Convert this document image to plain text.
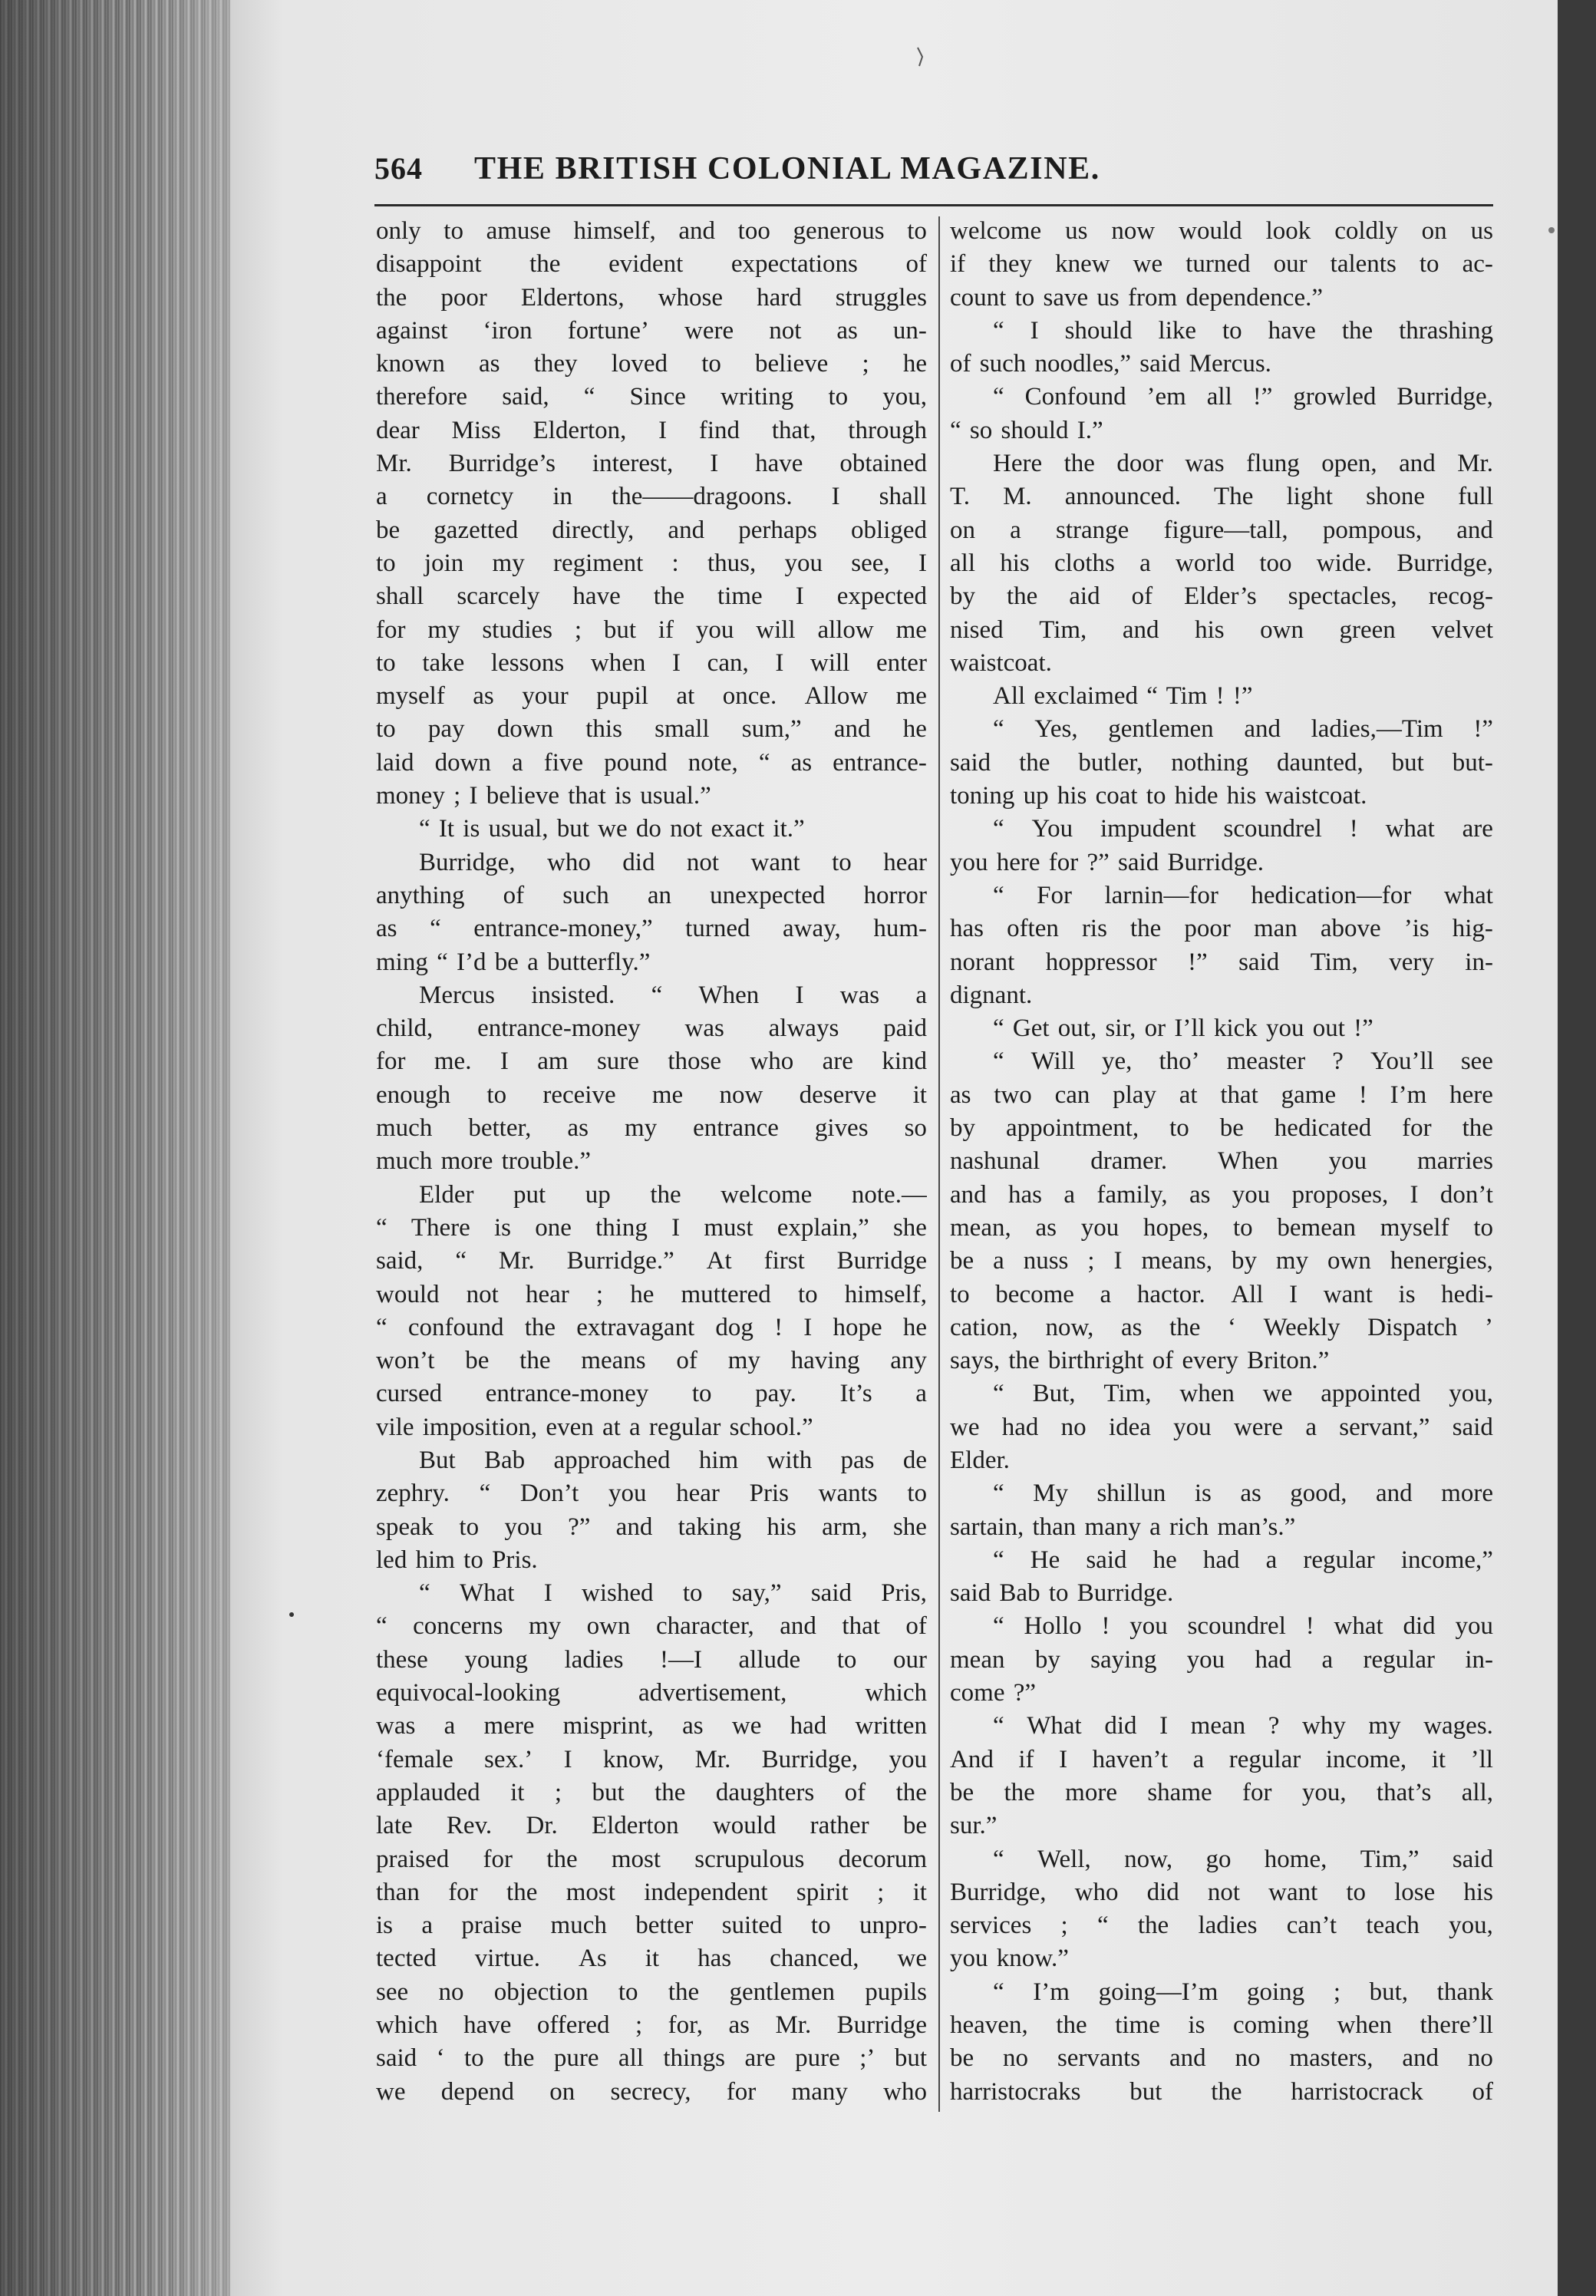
564 THE BRITISH COLONIAL MAGAZINE.
only to amuse himself, and too generous to
disappoint the evident expectations of
the poor Eldertons, whose hard struggles
against ‘iron fortune’ were not as un-
known as they loved to believe ; he
therefore said, “ Since writing to you,
dear Miss Elderton, I find that, through
Mr. Burridge’s interest, I have obtained
a cornetcy in the——dragoons. I shall
be gazetted directly, and perhaps obliged
to join my regiment : thus, you see, I
shall scarcely have the time I expected
for my studies ; but if you will allow me
to take lessons when I can, I will enter
myself as your pupil at once. Allow me
to pay down this small sum,” and he
laid down a five pound note, “ as entrance-
money ; I believe that is usual.”
“ It is usual, but we do not exact it.”
Burridge, who did not want to hear
anything of such an unexpected horror
as “ entrance-money,” turned away, hum-
ming “ I’d be a butterfly.”
Mercus insisted. “ When I was a
child, entrance-money was always paid
for me. I am sure those who are kind
enough to receive me now deserve it
much better, as my entrance gives so
much more trouble.”
Elder put up the welcome note.—
“ There is one thing I must explain,” she
said, “ Mr. Burridge.” At first Burridge
would not hear ; he muttered to himself,
“ confound the extravagant dog ! I hope he
won’t be the means of my having any
cursed entrance-money to pay. It’s a
vile imposition, even at a regular school.”
But Bab approached him with pas de
zephry. “ Don’t you hear Pris wants to
speak to you ?” and taking his arm, she
led him to Pris.
“ What I wished to say,” said Pris,
“ concerns my own character, and that of
these young ladies !—I allude to our
equivocal-looking	advertisement,	which
was a mere misprint, as we had written
‘female sex.’ I know, Mr. Burridge, you
applauded it ; but the daughters of the
late Rev. Dr. Elderton would rather be
praised for the most scrupulous decorum
than for the most independent spirit ; it
is a praise much better suited to unpro-
tected virtue. As it has chanced, we
see no objection to the gentlemen pupils
which have offered ; for, as Mr. Burridge
said ‘ to the pure all things are pure ;’ but
we depend on secrecy, for many who
welcome us now would look coldly on us
if they knew we turned our talents to ac-
count to save us from dependence.”
“ I should like to have the thrashing
of such noodles,” said Mercus.
“ Confound ’em all !” growled Burridge,
“ so should I.”
Here the door was flung open, and Mr.
T. M. announced. The light shone full
on a strange figure—tall, pompous, and
all his cloths a world too wide. Burridge,
by the aid of Elder’s spectacles, recog-
nised Tim, and his own green velvet
waistcoat.
All exclaimed “ Tim ! !”
“ Yes, gentlemen and ladies,—Tim !”
said the butler, nothing daunted, but but-
toning up his coat to hide his waistcoat.
“ You impudent scoundrel ! what are
you here for ?” said Burridge.
“ For larnin—for hedication—for what
has often ris the poor man above ’is hig-
norant hoppressor !” said Tim, very in-
dignant.
“ Get out, sir, or I’ll kick you out !”
“ Will ye, tho’ measter ? You’ll see
as two can play at that game ! I’m here
by appointment, to be hedicated for the
nashunal dramer. When you marries
and has a family, as you proposes, I don’t
mean, as you hopes, to bemean myself to
be a nuss ; I means, by my own henergies,
to become a hactor. All I want is hedi-
cation, now, as the ‘ Weekly Dispatch ’
says, the birthright of every Briton.”
“ But, Tim, when we appointed you,
we had no idea you were a servant,” said
Elder.
“ My shillun is as good, and more
sartain, than many a rich man’s.”
“ He said he had a regular income,”
said Bab to Burridge.
“ Hollo ! you scoundrel ! what did you
mean by saying you had a regular in-
come ?”
“ What did I mean ? why my wages.
And if I haven’t a regular income, it ’ll
be the more shame for you, that’s all,
sur.”
“ Well, now, go home, Tim,” said
Burridge, who did not want to lose his
services ; “ the ladies can’t teach you,
you know.”
“ I’m going—I’m going ; but, thank
heaven, the time is coming when there’ll
be no servants and no masters, and no
harristocraks but the harristocrack of
